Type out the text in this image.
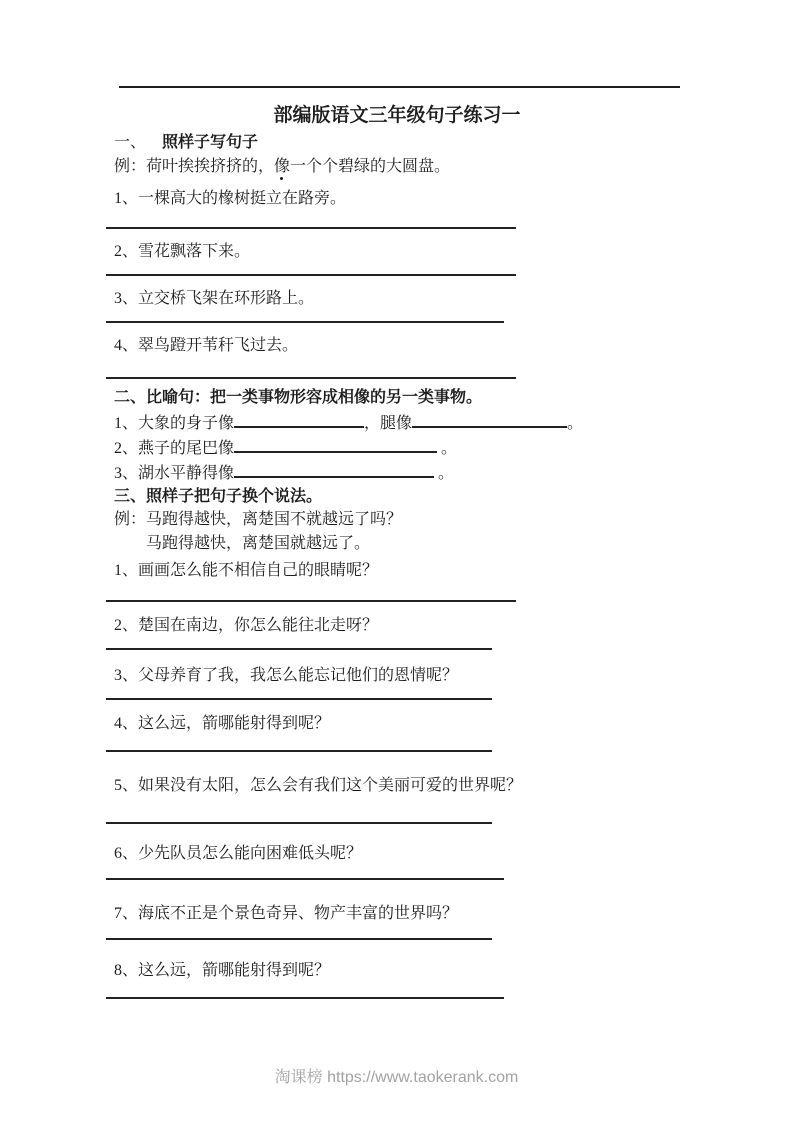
部编版语文三年级句子练习一
一、 照样子写句子
例：荷叶挨挨挤挤的，像一个个碧绿的大圆盘。
1、一棵高大的橡树挺立在路旁。
2、雪花飘落下来。
3、立交桥飞架在环形路上。
4、翠鸟蹬开苇秆飞过去。
二、比喻句：把一类事物形容成相像的另一类事物。
1、大象的身子像	，腿像	。
2、燕子的尾巴像	。
3、湖水平静得像	。
三、照样子把句子换个说法。
例：马跑得越快，离楚国不就越远了吗？
马跑得越快，离楚国就越远了。
1、画画怎么能不相信自己的眼睛呢？
2、楚国在南边，你怎么能往北走呀？
3、父母养育了我，我怎么能忘记他们的恩情呢？
4、这么远，箭哪能射得到呢？
5、如果没有太阳，怎么会有我们这个美丽可爱的世界呢？
6、少先队员怎么能向困难低头呢？
7、海底不正是个景色奇异、物产丰富的世界吗？
8、这么远，箭哪能射得到呢？
淘课榜 https://www.taokerank.com
